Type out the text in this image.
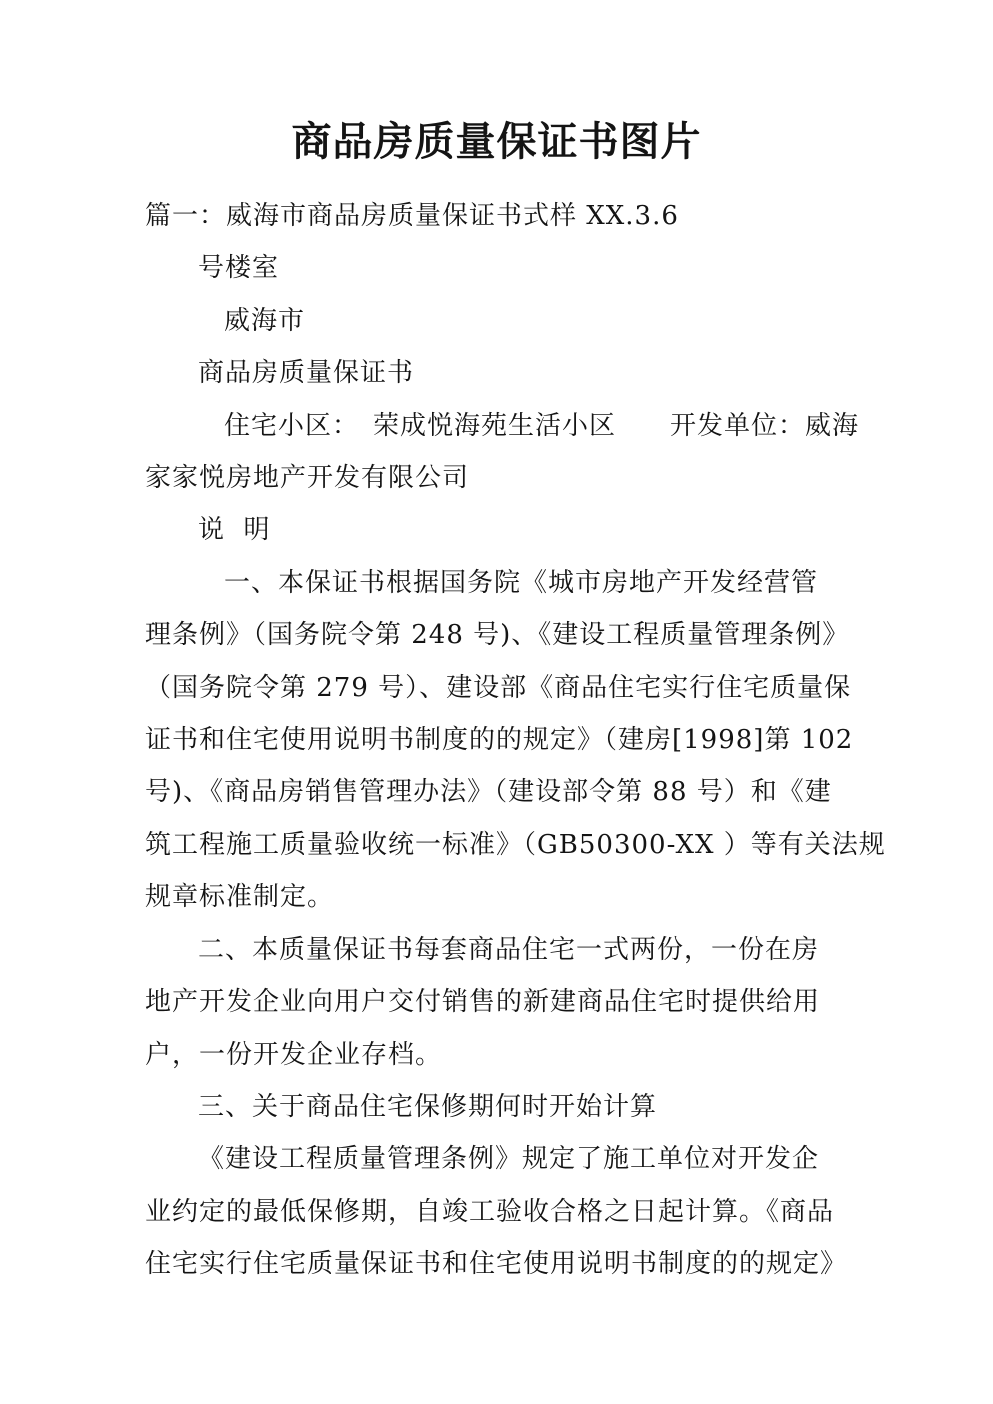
商品房质量保证书图片
篇一：威海市商品房质量保证书式样 XX.3.6
号楼室
威海市
商品房质量保证书
住宅小区：　荣成悦海苑生活小区　　开发单位：威海
家家悦房地产开发有限公司
说  明
一、本保证书根据国务院《城市房地产开发经营管
理条例》（国务院令第 248 号)、《建设工程质量管理条例》
（国务院令第 279 号）、建设部《商品住宅实行住宅质量保
证书和住宅使用说明书制度的的规定》（建房[1998]第 102
号)、《商品房销售管理办法》（建设部令第 88 号）和《建
筑工程施工质量验收统一标准》（GB50300-XX ）等有关法规
规章标准制定。
二、本质量保证书每套商品住宅一式两份，一份在房
地产开发企业向用户交付销售的新建商品住宅时提供给用
户，一份开发企业存档。
三、关于商品住宅保修期何时开始计算
《建设工程质量管理条例》规定了施工单位对开发企
业约定的最低保修期，自竣工验收合格之日起计算。《商品
住宅实行住宅质量保证书和住宅使用说明书制度的的规定》
